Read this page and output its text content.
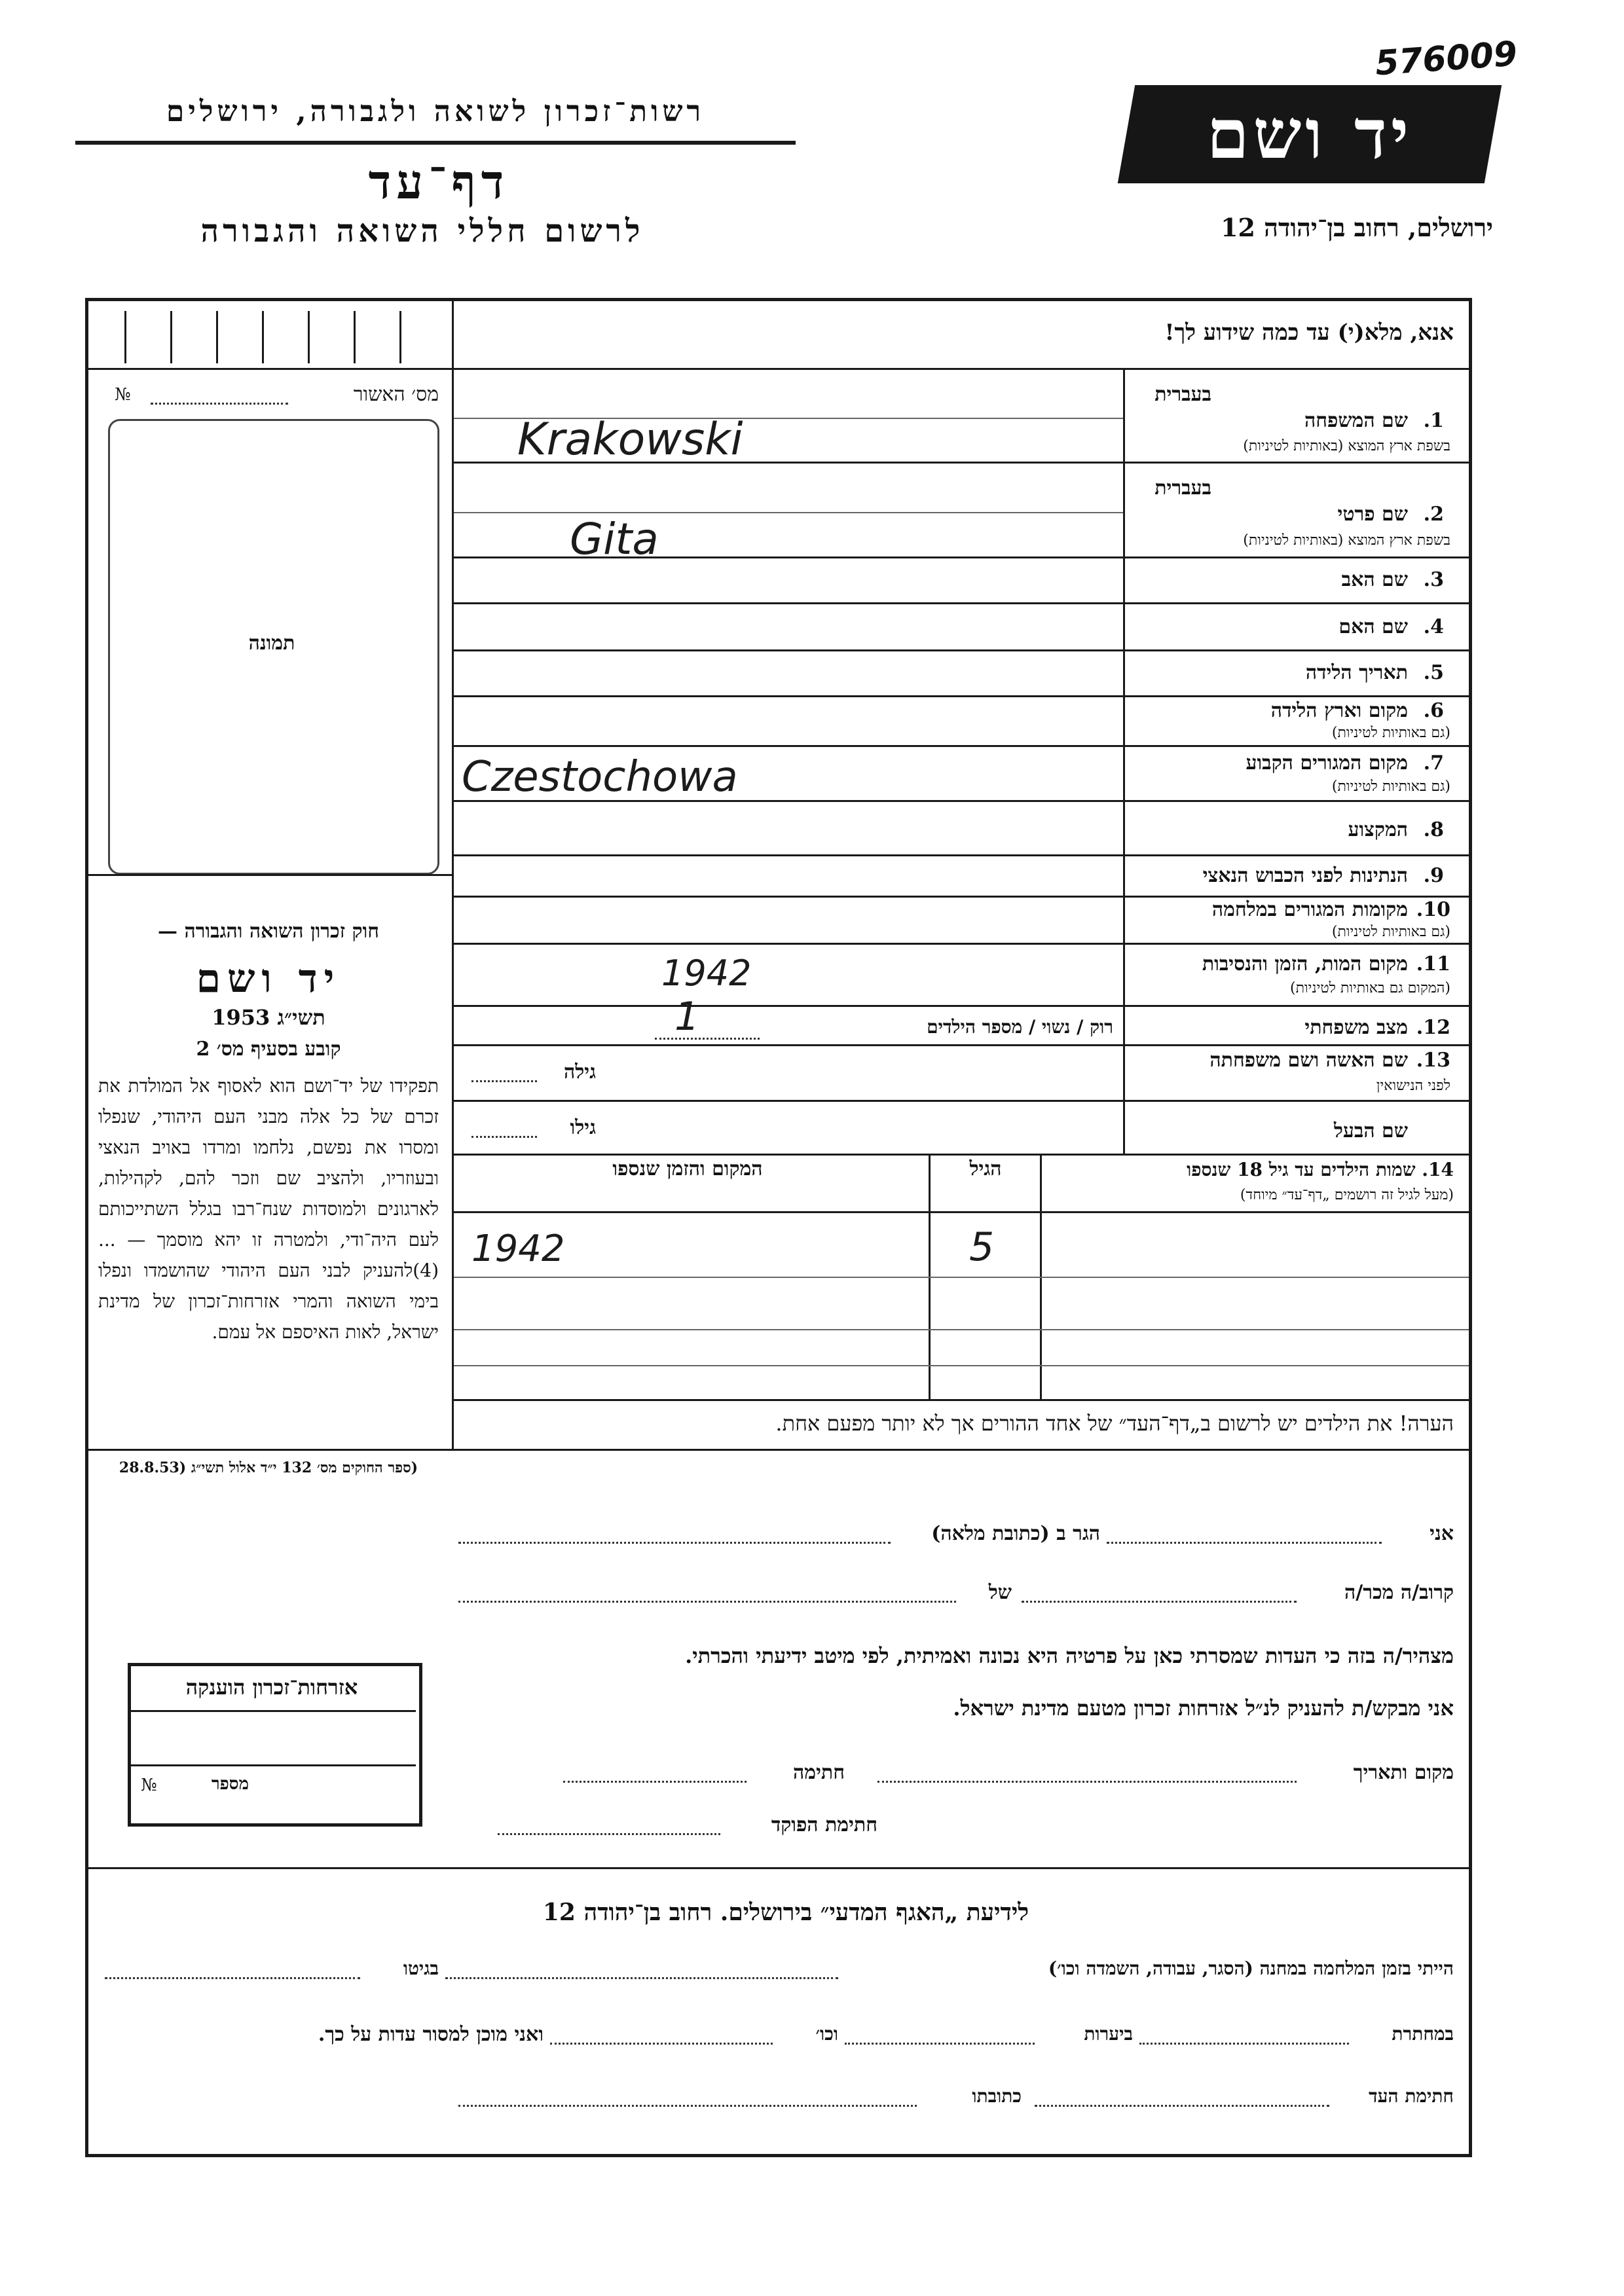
רשות־זכרון לשואה ולגבורה, ירושלים
דף־עד
לרשום חללי השואה והגבורה
576009
יד ושם
ירושלים, רחוב בן־יהודה 12
אנא, מלא(י) עד כמה שידוע לך!
מס׳ האשור
№
תמונה
חוק זכרון השואה והגבורה —
יד ושם
תשי״ג 1953
קובע בסעיף מס׳ 2
תפקידו של יד־ושם הוא לאסוף אל המולדת את זכרם של כל אלה מבני העם היהודי, שנפלו ומסרו את נפשם, נלחמו ומרדו באויב הנאצי ובעוזריו, ולהציב שם וזכר להם, לקהילות, לארגונים ולמוסדות שנח־רבו בגלל השתייכותם לעם היה־ודי, ולמטרה זו יהא מוסמך — ...(4)להעניק לבני העם היהודי שהושמדו ונפלו בימי השואה והמרי אזרחות־זכרון של מדינת ישראל, לאות האיספם אל עמם.
(ספר החוקים מס׳ 132 י״ד אלול תשי״ג (28.8.53
בעברית
שם המשפחה 1.
בשפת ארץ המוצא (באותיות לטיניות)
Krakowski
בעברית
שם פרטי 2.
בשפת ארץ המוצא (באותיות לטיניות)
Gita
שם האב 3.
שם האם 4.
תאריך הלידה 5.
מקום וארץ הלידה 6.
(גם באותיות לטיניות)
מקום המגורים הקבוע 7.
(גם באותיות לטיניות)
Czestochowa
המקצוע 8.
הנתינות לפני הכבוש הנאצי 9.
מקומות המגורים במלחמה 10.
(גם באותיות לטיניות)
מקום המות, הזמן והנסיבות 11.
(המקום גם באותיות לטיניות)
1942
מצב משפחתי 12.
רוק / נשוי / מספר הילדים
1
שם האשה ושם משפחתה 13.
לפני הנישואין
גילה
שם הבעל
גילו
14. שמות הילדים עד גיל 18 שנספו
(מעל לגיל זה רושמים „דף־עד״ מיוחד)
הגיל
המקום והזמן שנספו
5
1942
הערה! את הילדים יש לרשום ב„דף־העד״ של אחד ההורים אך לא יותר מפעם אחת.
אני
הגר ב (כתובת מלאה)
קרוב/ה מכר/ה
של
מצהיר/ה בזה כי העדות שמסרתי כאן על פרטיה היא נכונה ואמיתית, לפי מיטב ידיעתי והכרתי.
אני מבקש/ת להעניק לנ״ל אזרחות זכרון מטעם מדינת ישראל.
מקום ותאריך
חתימה
חתימת הפוקד
אזרחות־זכרון הוענקה
מספר
№
לידיעת „האגף המדעי״ בירושלים. רחוב בן־יהודה 12
הייתי בזמן המלחמה במחנה (הסגר, עבודה, השמדה וכו׳)
בגיטו
במחתרת
ביערות
וכו׳
ואני מוכן למסור עדות על כך.
חתימת העד
כתובתו
